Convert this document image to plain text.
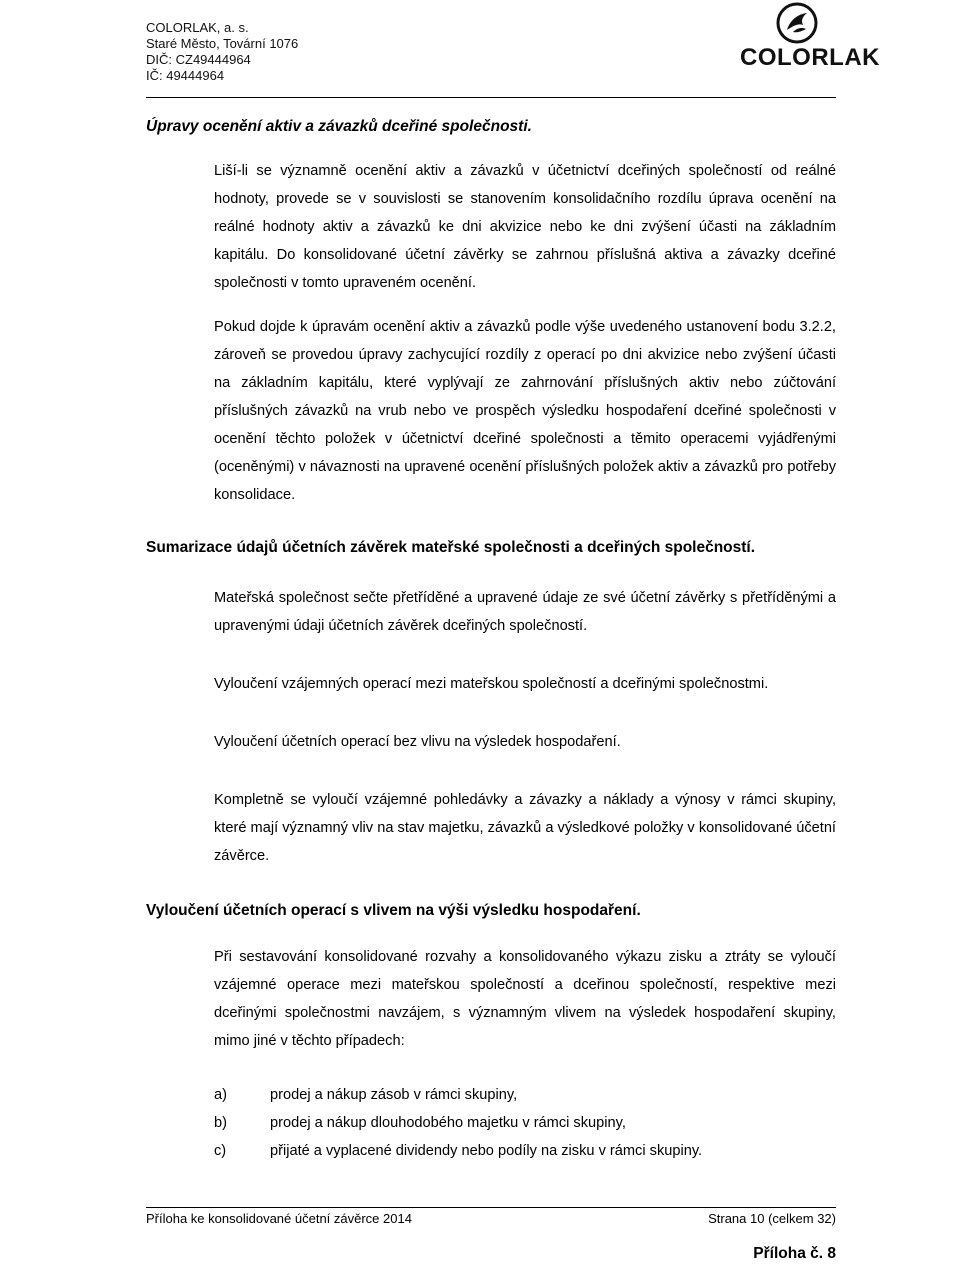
COLORLAK, a. s.
Staré Město, Tovární 1076
DIČ: CZ49444964
IČ: 49444964
COLORLAK
Úpravy ocenění aktiv a závazků dceřiné společnosti.

Liší-li se významně ocenění aktiv a závazků v účetnictví dceřiných společností od reálné hodnoty, provede se v souvislosti se stanovením konsolidačního rozdílu úprava ocenění na reálné hodnoty aktiv a závazků ke dni akvizice nebo ke dni zvýšení účasti na základním kapitálu. Do konsolidované účetní závěrky se zahrnou příslušná aktiva a závazky dceřiné společnosti v tomto upraveném ocenění.

Pokud dojde k úpravám ocenění aktiv a závazků podle výše uvedeného ustanovení bodu 3.2.2, zároveň se provedou úpravy zachycující rozdíly z operací po dni akvizice nebo zvýšení účasti na základním kapitálu, které vyplývají ze zahrnování příslušných aktiv nebo zúčtování příslušných závazků na vrub nebo ve prospěch výsledku hospodaření dceřiné společnosti v ocenění těchto položek v účetnictví dceřiné společnosti a těmito operacemi vyjádřenými (oceněnými) v návaznosti na upravené ocenění příslušných položek aktiv a závazků pro potřeby konsolidace.

Sumarizace údajů účetních závěrek mateřské společnosti a dceřiných společností.

Mateřská společnost sečte přetříděné a upravené údaje ze své účetní závěrky s přetříděnými a upravenými údaji účetních závěrek dceřiných společností.

Vyloučení vzájemných operací mezi mateřskou společností a dceřinými společnostmi.

Vyloučení účetních operací bez vlivu na výsledek hospodaření.

Kompletně se vyloučí vzájemné pohledávky a závazky a náklady a výnosy v rámci skupiny, které mají významný vliv na stav majetku, závazků a výsledkové položky v konsolidované účetní závěrce.

Vyloučení účetních operací s vlivem na výši výsledku hospodaření.

Při sestavování konsolidované rozvahy a konsolidovaného výkazu zisku a ztráty se vyloučí vzájemné operace mezi mateřskou společností a dceřinou společností, respektive mezi dceřinými společnostmi navzájem, s významným vlivem na výsledek hospodaření skupiny, mimo jiné v těchto případech:

a)	prodej a nákup zásob v rámci skupiny,
b)	prodej a nákup dlouhodobého majetku v rámci skupiny,
c)	přijaté a vyplacené dividendy nebo podíly na zisku v rámci skupiny.
Příloha ke konsolidované účetní závěrce 2014	Strana 10 (celkem 32)
Příloha č. 8
